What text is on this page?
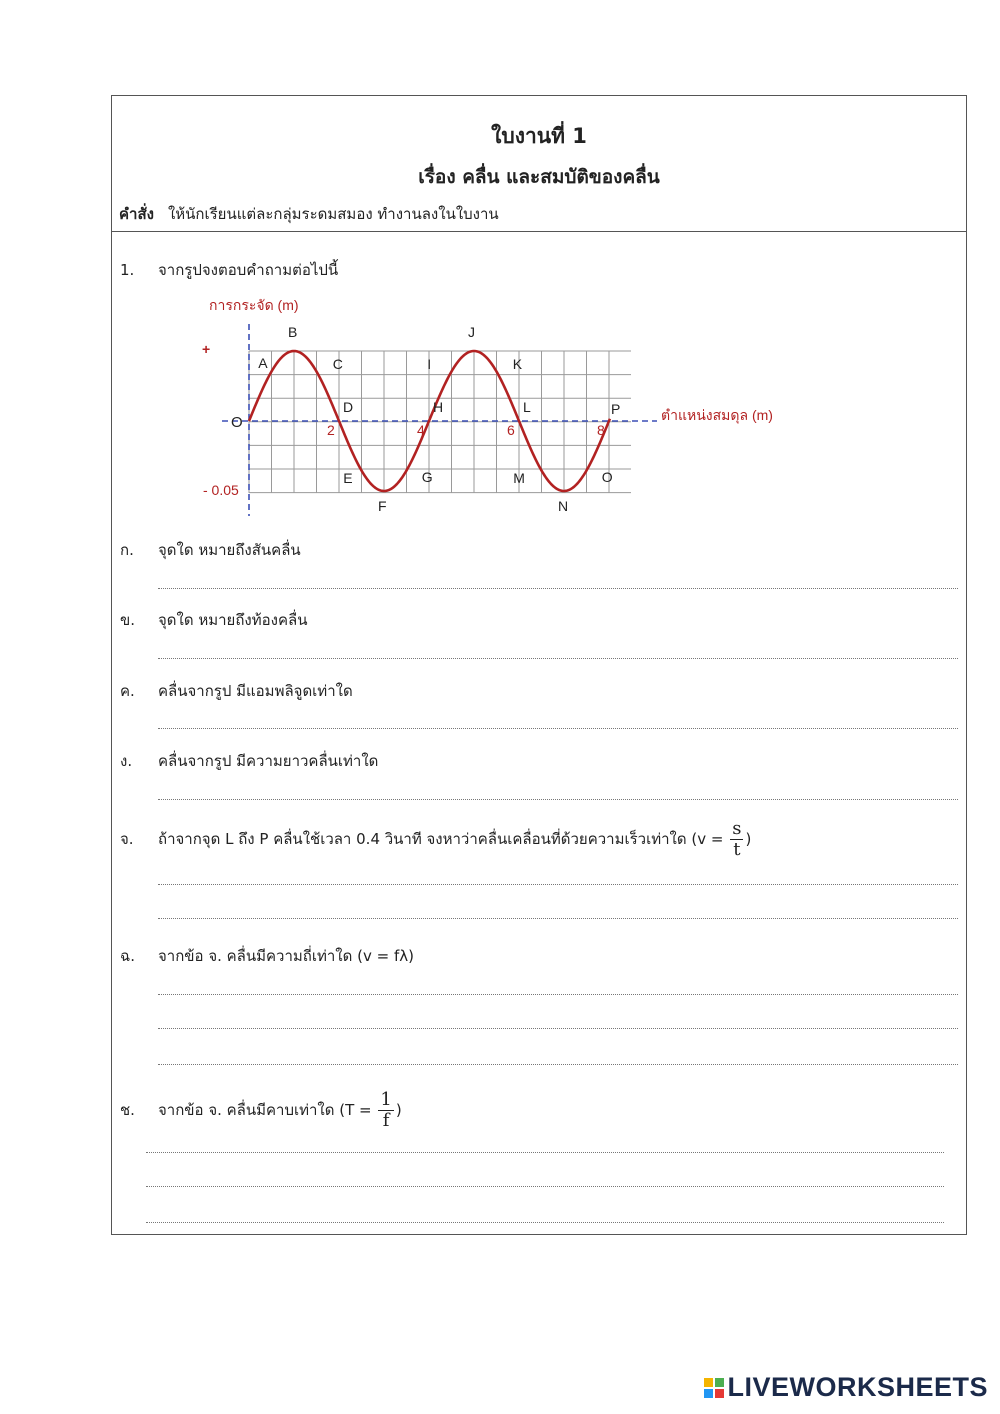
ใบงานที่ 1
เรื่อง คลื่น และสมบัติของคลื่น
คำสั่ง ให้นักเรียนแต่ละกลุ่มระดมสมอง ทำงานลงในใบงาน
1. จากรูปจงตอบคำถามต่อไปนี้
การกระจัด (m)
ตำแหน่งสมดุล (m)
+
- 0.05
O	2	4	6	8
A
B
C
D
E
F
G
H
I
J
K
L
M
N
O
P
ก. จุดใด หมายถึงสันคลื่น
ข. จุดใด หมายถึงท้องคลื่น
ค. คลื่นจากรูป มีแอมพลิจูดเท่าใด
ง. คลื่นจากรูป มีความยาวคลื่นเท่าใด
จ. ถ้าจากจุด L ถึง P คลื่นใช้เวลา 0.4 วินาที จงหาว่าคลื่นเคลื่อนที่ด้วยความเร็วเท่าใด ($v = \frac{s}{t}$ )
ฉ. จากข้อ จ. คลื่นมีความถี่เท่าใด (v = fλ)
ช. จากข้อ จ. คลื่นมีคาบเท่าใด ($T = \frac{1}{f}$ )
LIVEWORKSHEETS
